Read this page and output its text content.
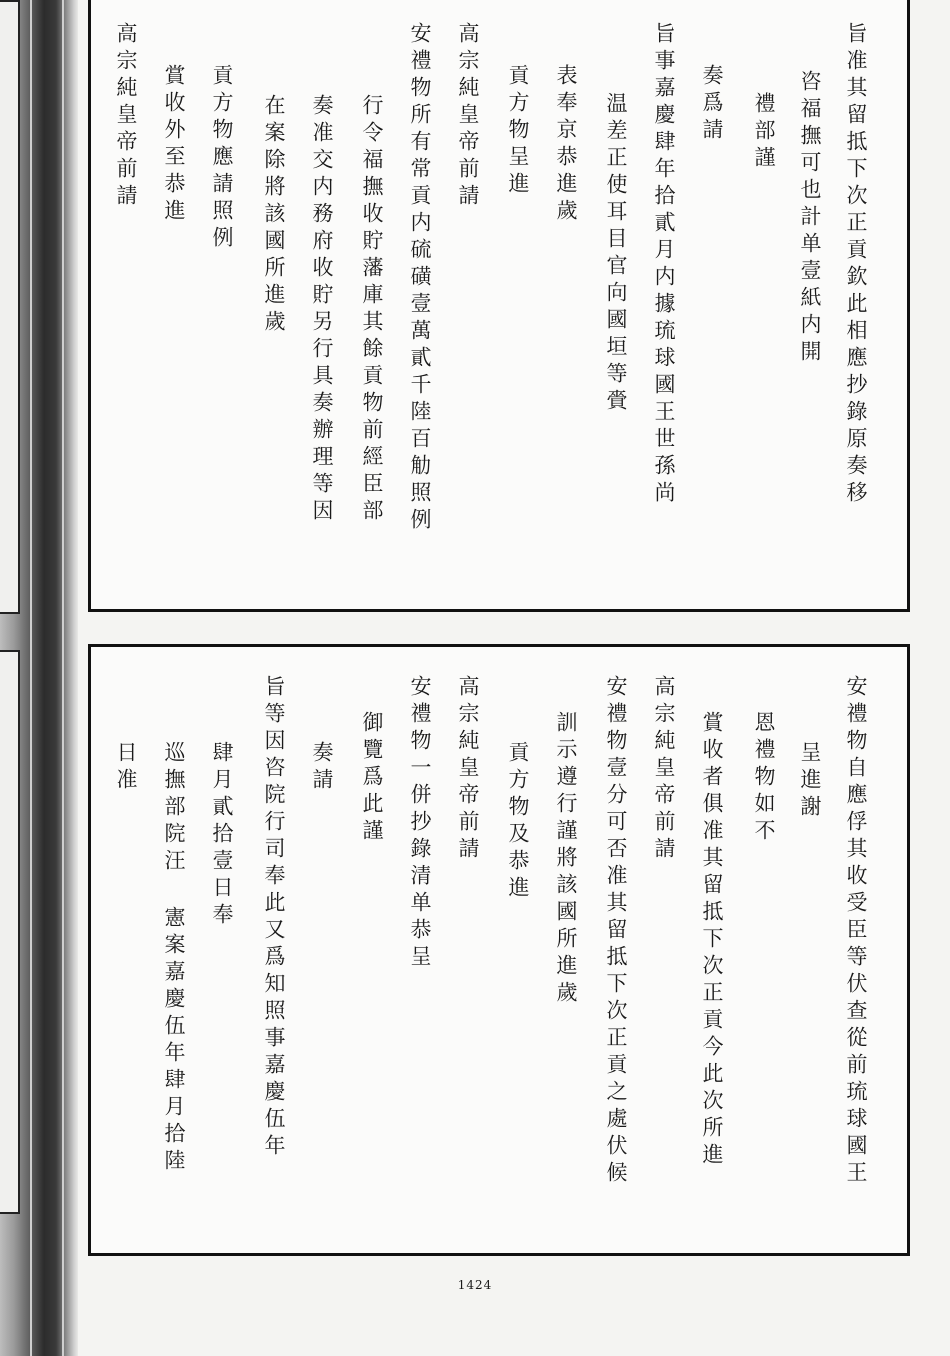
旨准其留抵下次正貢欽此相應抄錄原奏移
咨福撫可也計单壹紙内開
禮部謹
奏爲請
旨事嘉慶肆年拾貳月内據琉球國王世孫尚
温差正使耳目官向國垣等賫
表奉京恭進歲
貢方物呈進
高宗純皇帝前請
安禮物所有常貢内硫磺壹萬貳千陸百觔照例
行令福撫收貯藩庫其餘貢物前經臣部
奏准交内務府收貯另行具奏辦理等因
在案除將該國所進歲
貢方物應請照例
賞收外至恭進
高宗純皇帝前請
安禮物自應俘其收受臣等伏查從前琉球國王
呈進謝
恩禮物如不
賞收者俱准其留抵下次正貢今此次所進
高宗純皇帝前請
安禮物壹分可否准其留抵下次正貢之處伏候
訓示遵行謹將該國所進歲
貢方物及恭進
高宗純皇帝前請
安禮物一併抄錄清单恭呈
御覽爲此謹
奏請
旨等因咨院行司奉此又爲知照事嘉慶伍年
肆月貳拾壹日奉
巡撫部院汪 憲案嘉慶伍年肆月拾陸
日准
1424
